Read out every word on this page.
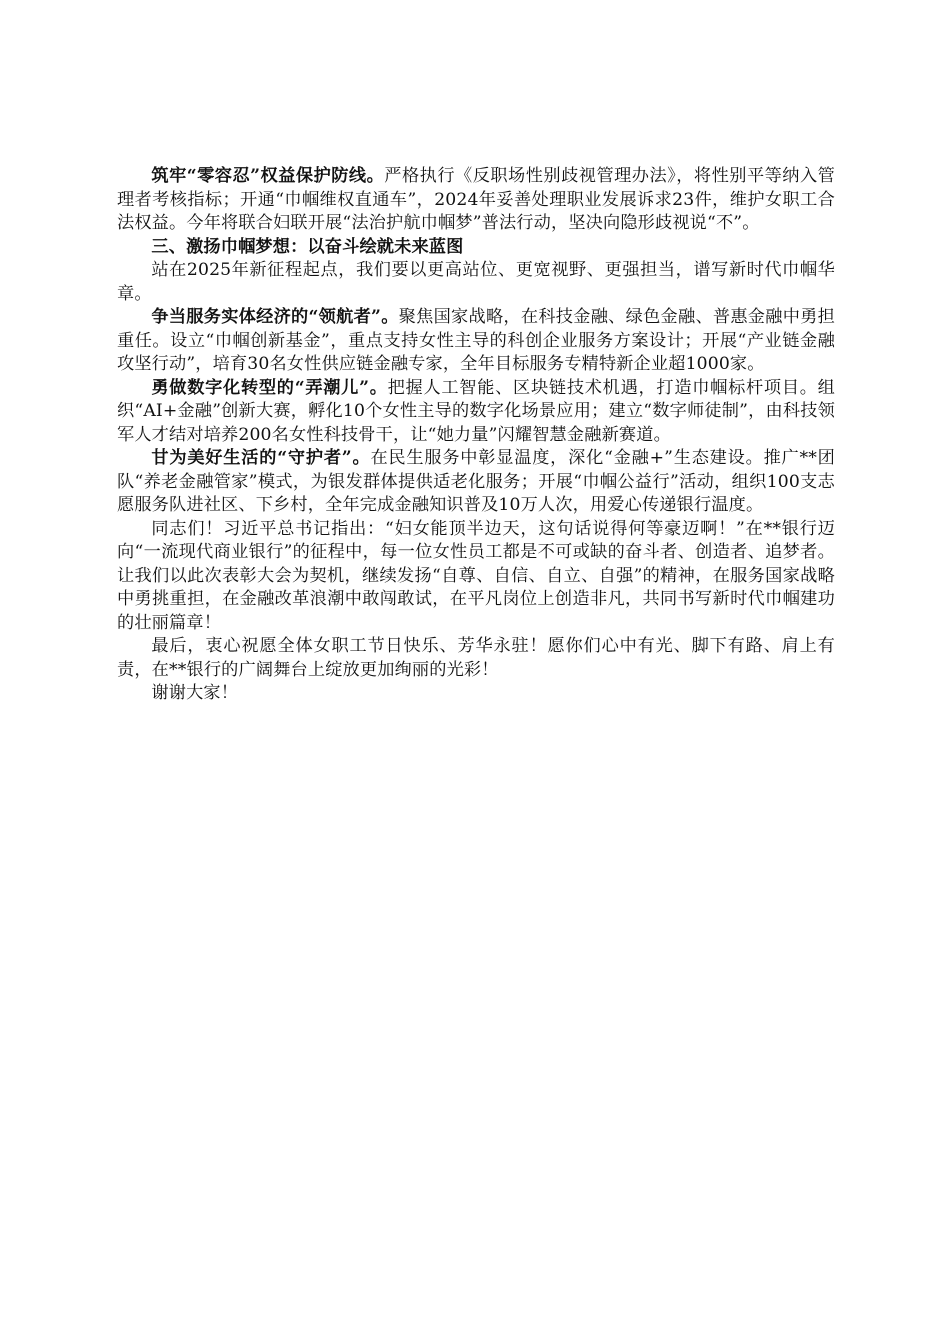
筑牢“零容忍”权益保护防线。严格执行《反职场性别歧视管理办法》，将性别平等纳入管理者考核指标；开通“巾帼维权直通车”，2024年妥善处理职业发展诉求23件，维护女职工合法权益。今年将联合妇联开展“法治护航巾帼梦”普法行动，坚决向隐形歧视说“不”。

三、激扬巾帼梦想：以奋斗绘就未来蓝图

站在2025年新征程起点，我们要以更高站位、更宽视野、更强担当，谱写新时代巾帼华章。

争当服务实体经济的“领航者”。聚焦国家战略，在科技金融、绿色金融、普惠金融中勇担重任。设立“巾帼创新基金”，重点支持女性主导的科创企业服务方案设计；开展“产业链金融攻坚行动”，培育30名女性供应链金融专家，全年目标服务专精特新企业超1000家。

勇做数字化转型的“弄潮儿”。把握人工智能、区块链技术机遇，打造巾帼标杆项目。组织“AI+金融”创新大赛，孵化10个女性主导的数字化场景应用；建立“数字师徒制”，由科技领军人才结对培养200名女性科技骨干，让“她力量”闪耀智慧金融新赛道。

甘为美好生活的“守护者”。在民生服务中彰显温度，深化“金融+”生态建设。推广**团队“养老金融管家”模式，为银发群体提供适老化服务；开展“巾帼公益行”活动，组织100支志愿服务队进社区、下乡村，全年完成金融知识普及10万人次，用爱心传递银行温度。

同志们！习近平总书记指出：“妇女能顶半边天，这句话说得何等豪迈啊！”在**银行迈向“一流现代商业银行”的征程中，每一位女性员工都是不可或缺的奋斗者、创造者、追梦者。让我们以此次表彰大会为契机，继续发扬“自尊、自信、自立、自强”的精神，在服务国家战略中勇挑重担，在金融改革浪潮中敢闯敢试，在平凡岗位上创造非凡，共同书写新时代巾帼建功的壮丽篇章！

最后，衷心祝愿全体女职工节日快乐、芳华永驻！愿你们心中有光、脚下有路、肩上有责，在**银行的广阔舞台上绽放更加绚丽的光彩！

谢谢大家！
